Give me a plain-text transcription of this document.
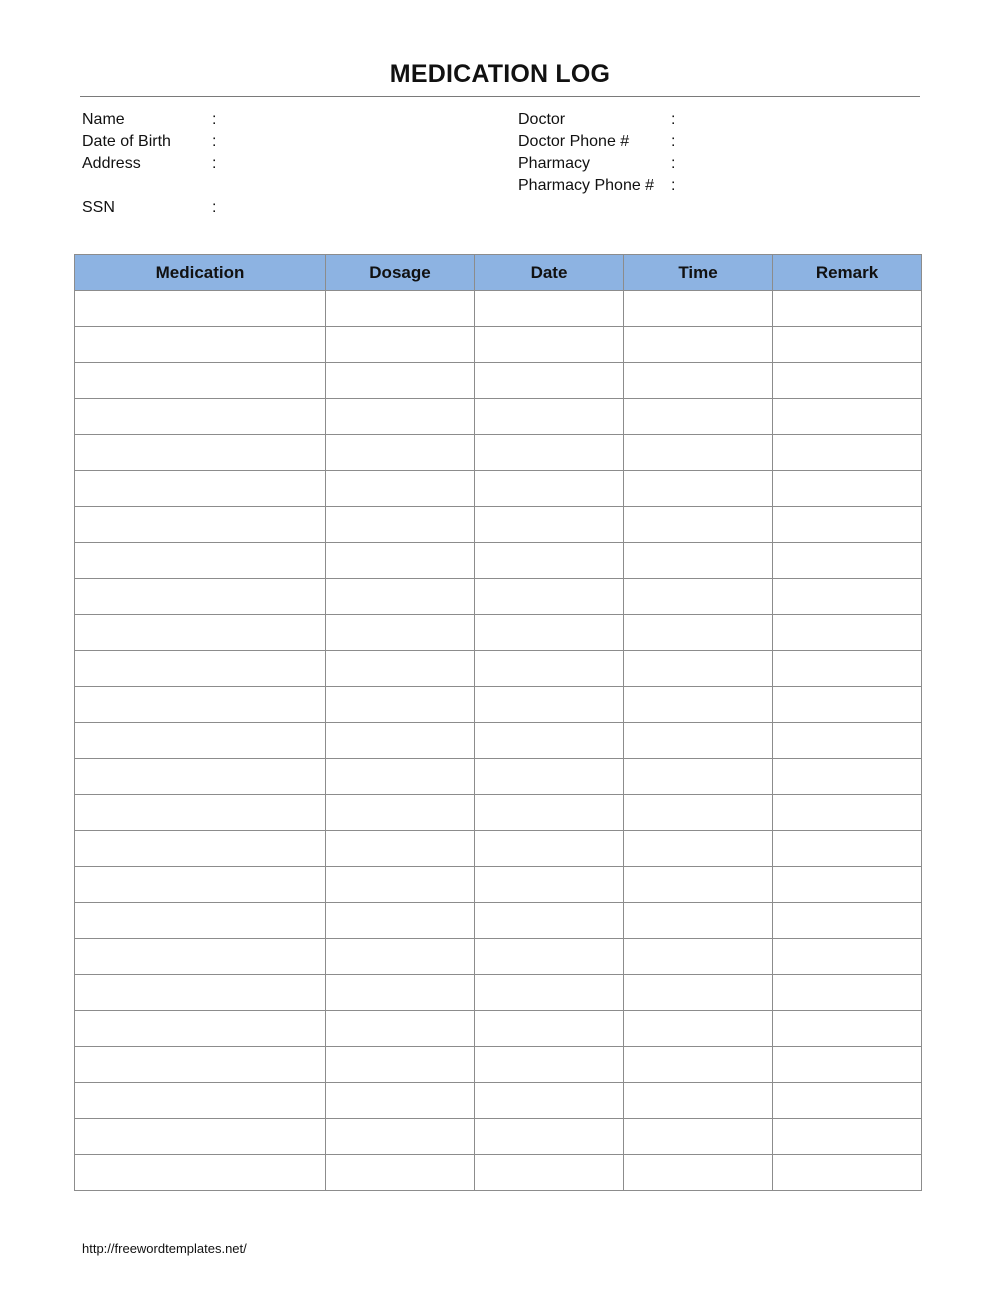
MEDICATION LOG
Name	:
Date of Birth	:
Address	:
SSN	:
Doctor	:
Doctor Phone #	:
Pharmacy	:
Pharmacy Phone # :
Medication	Dosage	Date	Time	Remark

http://freewordtemplates.net/
